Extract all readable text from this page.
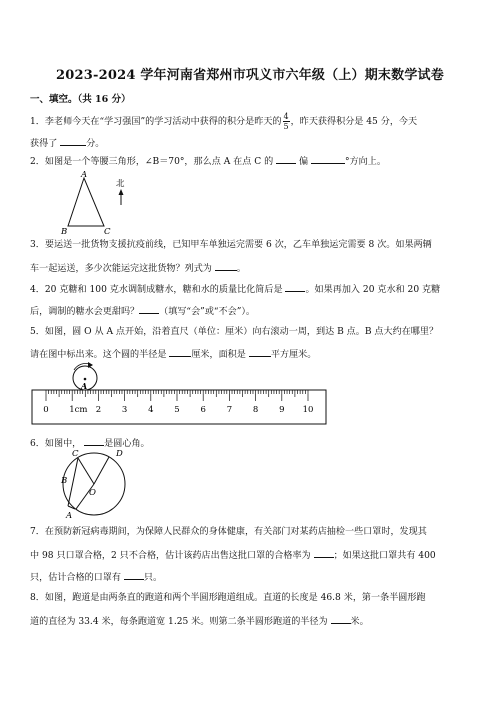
2023-2024 学年河南省郑州市巩义市六年级（上）期末数学试卷
一、填空。（共 16 分）
1．李老师今天在“学习强国”的学习活动中获得的积分是昨天的 $\frac{4}{5}$ ，昨天获得积分是 45 分，今天
获得了	分。
2．如图是一个等腰三角形，∠B＝70°，那么点 A 在点 C 的	偏	°方向上。
A
B	C
北
3．要运送一批货物支援抗疫前线，已知甲车单独运完需要 6 次，乙车单独运完需要 8 次。如果两辆
车一起运送，多少次能运完这批货物？列式为	。
4．20 克糖和 100 克水调制成糖水，糖和水的质量比化简后是	。如果再加入 20 克水和 20 克糖
后，调制的糖水会更甜吗？ （填写“会”或“不会”）。
5．如图，圆 O 从 A 点开始，沿着直尺（单位：厘米）向右滚动一周，到达 B 点。B 点大约在哪里？
请在图中标出来。这个圆的半径是	厘米，面积是	平方厘米。
A
0 1cm 2 3 4 5 6 7 8 9 10
6．如图中，	是圆心角。
C	D
B
O
A
7．在预防新冠病毒期间，为保障人民群众的身体健康，有关部门对某药店抽检一些口罩时，发现其
中 98 只口罩合格，2 只不合格，估计该药店出售这批口罩的合格率为	；如果这批口罩共有 400
只，估计合格的口罩有	只。
8．如图，跑道是由两条直的跑道和两个半圆形跑道组成。直道的长度是 46.8 米，第一条半圆形跑
道的直径为 33.4 米，每条跑道宽 1.25 米。则第二条半圆形跑道的半径为	米。
